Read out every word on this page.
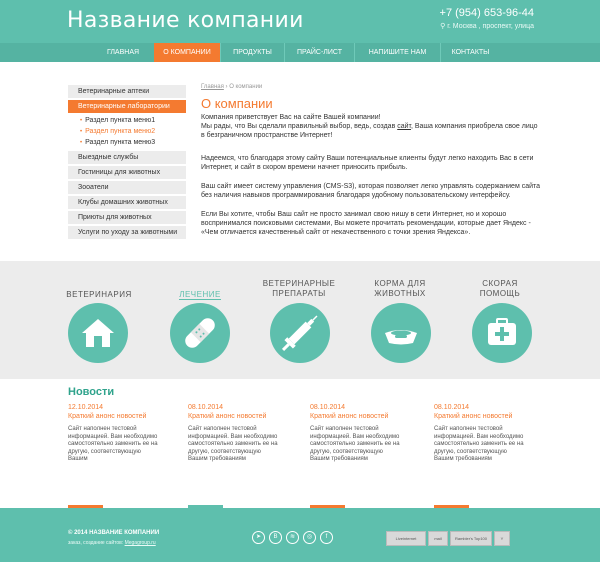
Название компании	+7 (954) 653-96-44
⚲ г. Москва , проспект, улица
ГЛАВНАЯ	О КОМПАНИИ	ПРОДУКТЫ	ПРАЙС-ЛИСТ	НАПИШИТЕ НАМ	КОНТАКТЫ
Ветеринарные аптеки
Ветеринарные лаборатории
• Раздел пункта меню1
• Раздел пункта меню2
• Раздел пункта меню3
Выездные службы
Гостиницы для животных
Зооатели
Клубы домашних животных
Приюты для животных
Услуги по уходу за животными
Главная › О компании
О компании
Компания приветствует Вас на сайте Вашей компании!
Мы рады, что Вы сделали правильный выбор, ведь, создав сайт, Ваша компания приобрела свое лицо в безграничном пространстве Интернет!
Надеемся, что благодаря этому сайту Ваши потенциальные клиенты будут легко находить Вас в сети Интернет, и сайт в скором времени начнет приносить прибыль.
Ваш сайт имеет систему управления (CMS-S3), которая позволяет легко управлять содержанием сайта без наличия навыков программирования благодаря удобному пользовательскому интерфейсу.
Если Вы хотите, чтобы Ваш сайт не просто занимал свою нишу в сети Интернет, но и хорошо воспринимался поисковыми системами, Вы можете прочитать рекомендации, которые дает Яндекс - «Чем отличается качественный сайт от некачественного с точки зрения Яндекса».
ВЕТЕРИНАРИЯ	ЛЕЧЕНИЕ
ВЕТЕРИНАРНЫЕ
ПРЕПАРАТЫ
КОРМА ДЛЯ
ЖИВОТНЫХ
СКОРАЯ
ПОМОЩЬ
Новости
12.10.2014
Краткий анонс новостей
Сайт наполнен тестовой информацией. Вам необходимо самостоятельно заменить ее на другую, соответствующую Вашим
08.10.2014
Краткий анонс новостей
Сайт наполнен тестовой информацией. Вам необходимо самостоятельно заменить ее на другую, соответствующую Вашим требованиям
08.10.2014
Краткий анонс новостей
Сайт наполнен тестовой информацией. Вам необходимо самостоятельно заменить ее на другую, соответствующую Вашим требованиям
08.10.2014
Краткий анонс новостей
Сайт наполнен тестовой информацией. Вам необходимо самостоятельно заменить ее на другую, соответствующую Вашим требованиям
© 2014 НАЗВАНИЕ КОМПАНИИ
заказ, создание сайтов: Megagroup.ru
➤	В	≋	◎	f	Liveinternet	mail	Rambler's Top100	Y
